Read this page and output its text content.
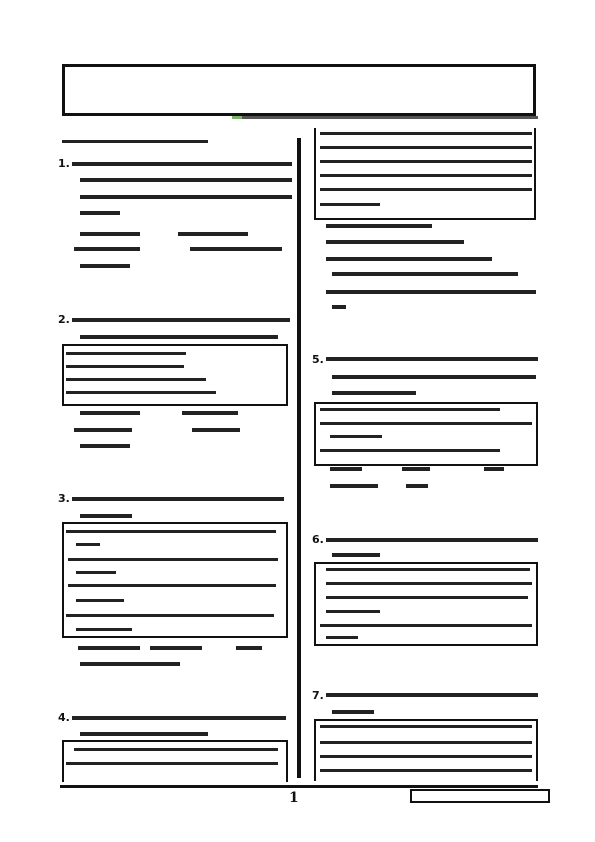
1.
2.
3.
4.
5.
6.
7.
1
